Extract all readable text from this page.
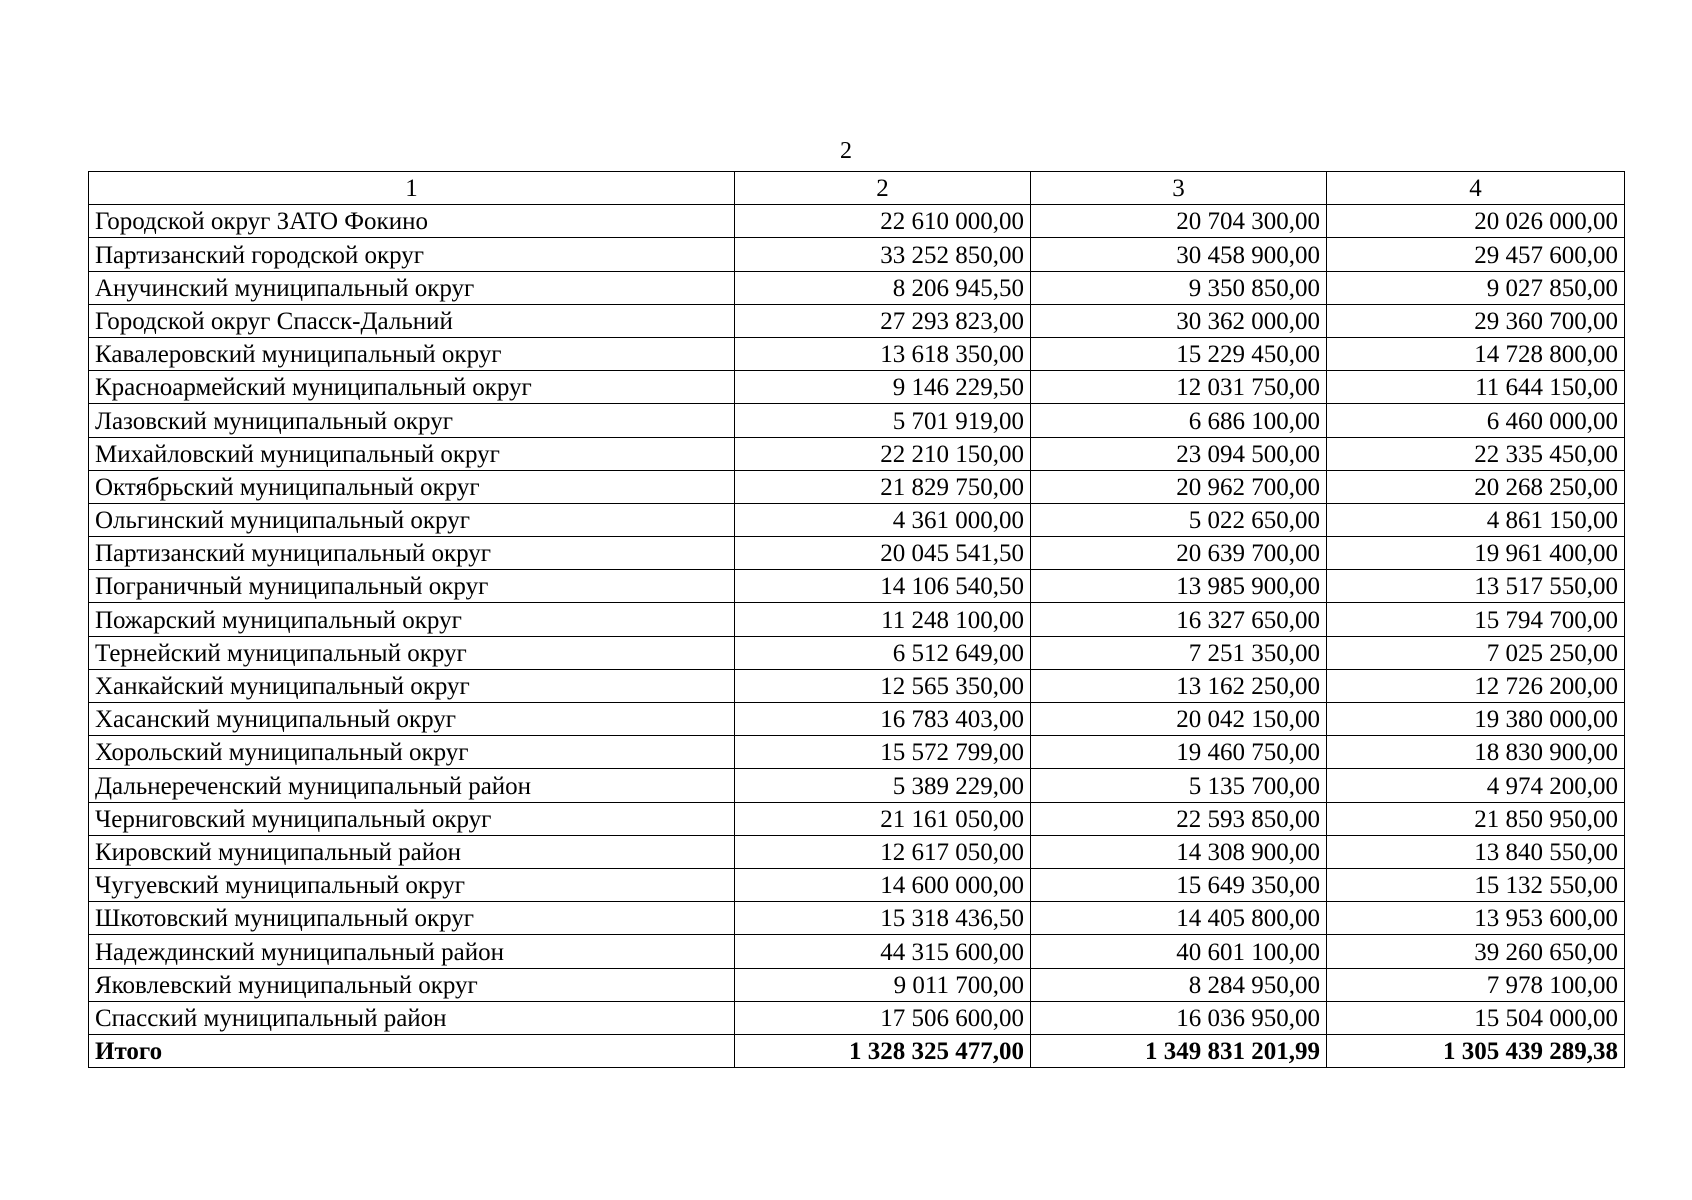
2
1	2	3	4
Городской округ ЗАТО Фокино	22 610 000,00	20 704 300,00	20 026 000,00
Партизанский городской округ	33 252 850,00	30 458 900,00	29 457 600,00
Анучинский муниципальный округ	8 206 945,50	9 350 850,00	9 027 850,00
Городской округ Спасск-Дальний	27 293 823,00	30 362 000,00	29 360 700,00
Кавалеровский муниципальный округ	13 618 350,00	15 229 450,00	14 728 800,00
Красноармейский муниципальный округ	9 146 229,50	12 031 750,00	11 644 150,00
Лазовский муниципальный округ	5 701 919,00	6 686 100,00	6 460 000,00
Михайловский муниципальный округ	22 210 150,00	23 094 500,00	22 335 450,00
Октябрьский муниципальный округ	21 829 750,00	20 962 700,00	20 268 250,00
Ольгинский муниципальный округ	4 361 000,00	5 022 650,00	4 861 150,00
Партизанский муниципальный округ	20 045 541,50	20 639 700,00	19 961 400,00
Пограничный муниципальный округ	14 106 540,50	13 985 900,00	13 517 550,00
Пожарский муниципальный округ	11 248 100,00	16 327 650,00	15 794 700,00
Тернейский муниципальный округ	6 512 649,00	7 251 350,00	7 025 250,00
Ханкайский муниципальный округ	12 565 350,00	13 162 250,00	12 726 200,00
Хасанский муниципальный округ	16 783 403,00	20 042 150,00	19 380 000,00
Хорольский муниципальный округ	15 572 799,00	19 460 750,00	18 830 900,00
Дальнереченский муниципальный район	5 389 229,00	5 135 700,00	4 974 200,00
Черниговский муниципальный округ	21 161 050,00	22 593 850,00	21 850 950,00
Кировский муниципальный район	12 617 050,00	14 308 900,00	13 840 550,00
Чугуевский муниципальный округ	14 600 000,00	15 649 350,00	15 132 550,00
Шкотовский муниципальный округ	15 318 436,50	14 405 800,00	13 953 600,00
Надеждинский муниципальный район	44 315 600,00	40 601 100,00	39 260 650,00
Яковлевский муниципальный округ	9 011 700,00	8 284 950,00	7 978 100,00
Спасский муниципальный район	17 506 600,00	16 036 950,00	15 504 000,00
Итого	1 328 325 477,00	1 349 831 201,99	1 305 439 289,38
